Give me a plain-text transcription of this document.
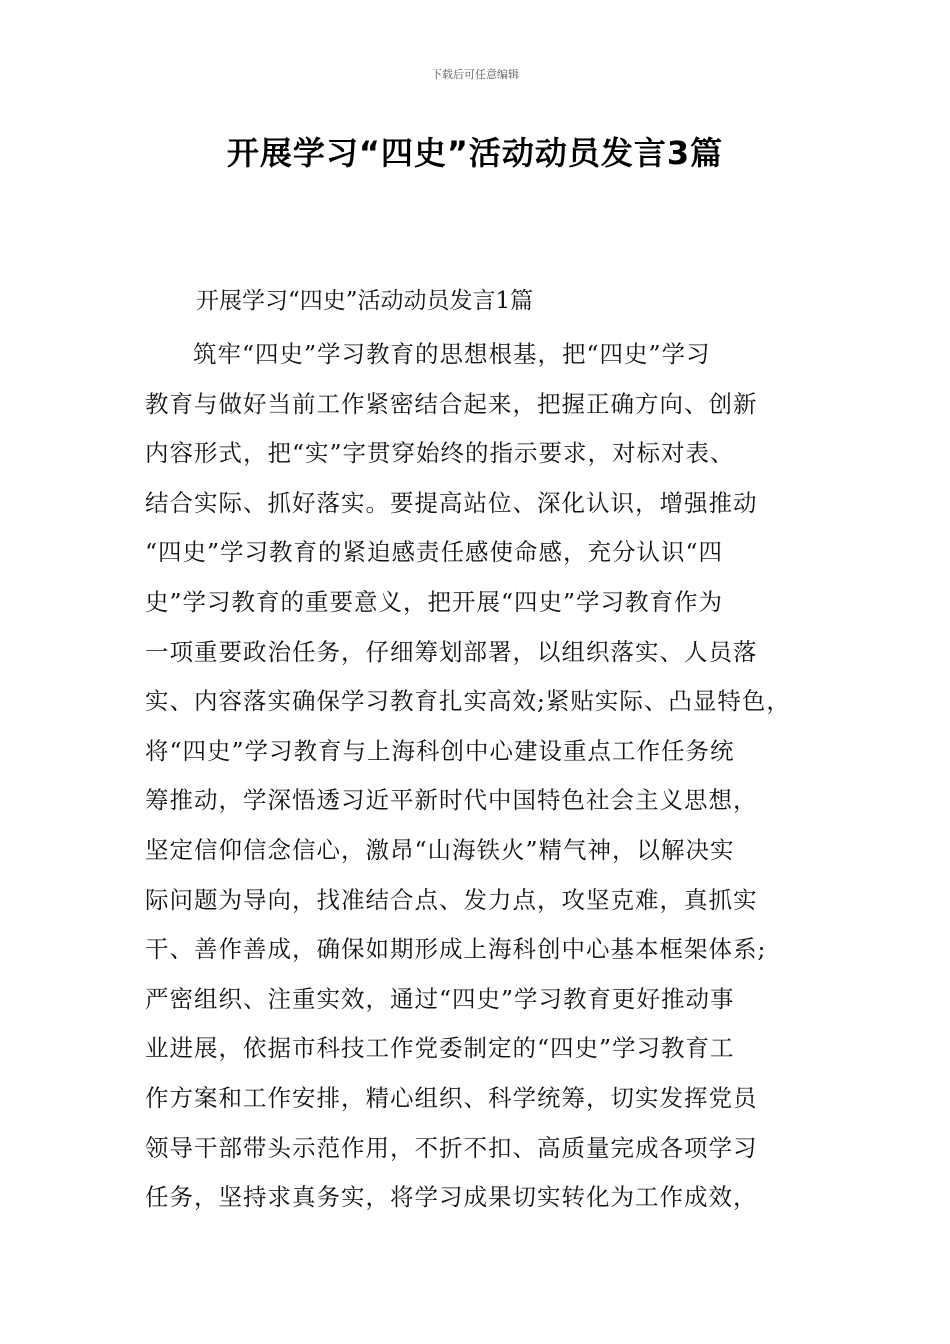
下载后可任意编辑
开展学习“四史”活动动员发言3篇
开展学习“四史”活动动员发言1篇
筑牢“四史”学习教育的思想根基，把“四史”学习
教育与做好当前工作紧密结合起来，把握正确方向、创新
内容形式，把“实”字贯穿始终的指示要求，对标对表、
结合实际、抓好落实。要提高站位、深化认识，增强推动
“四史”学习教育的紧迫感责任感使命感，充分认识“四
史”学习教育的重要意义，把开展“四史”学习教育作为
一项重要政治任务，仔细筹划部署，以组织落实、人员落
实、内容落实确保学习教育扎实高效;紧贴实际、凸显特色，
将“四史”学习教育与上海科创中心建设重点工作任务统
筹推动，学深悟透习近平新时代中国特色社会主义思想，
坚定信仰信念信心，激昂“山海铁火”精气神，以解决实
际问题为导向，找准结合点、发力点，攻坚克难，真抓实
干、善作善成，确保如期形成上海科创中心基本框架体系;
严密组织、注重实效，通过“四史”学习教育更好推动事
业进展，依据市科技工作党委制定的“四史”学习教育工
作方案和工作安排，精心组织、科学统筹，切实发挥党员
领导干部带头示范作用，不折不扣、高质量完成各项学习
任务，坚持求真务实，将学习成果切实转化为工作成效，
